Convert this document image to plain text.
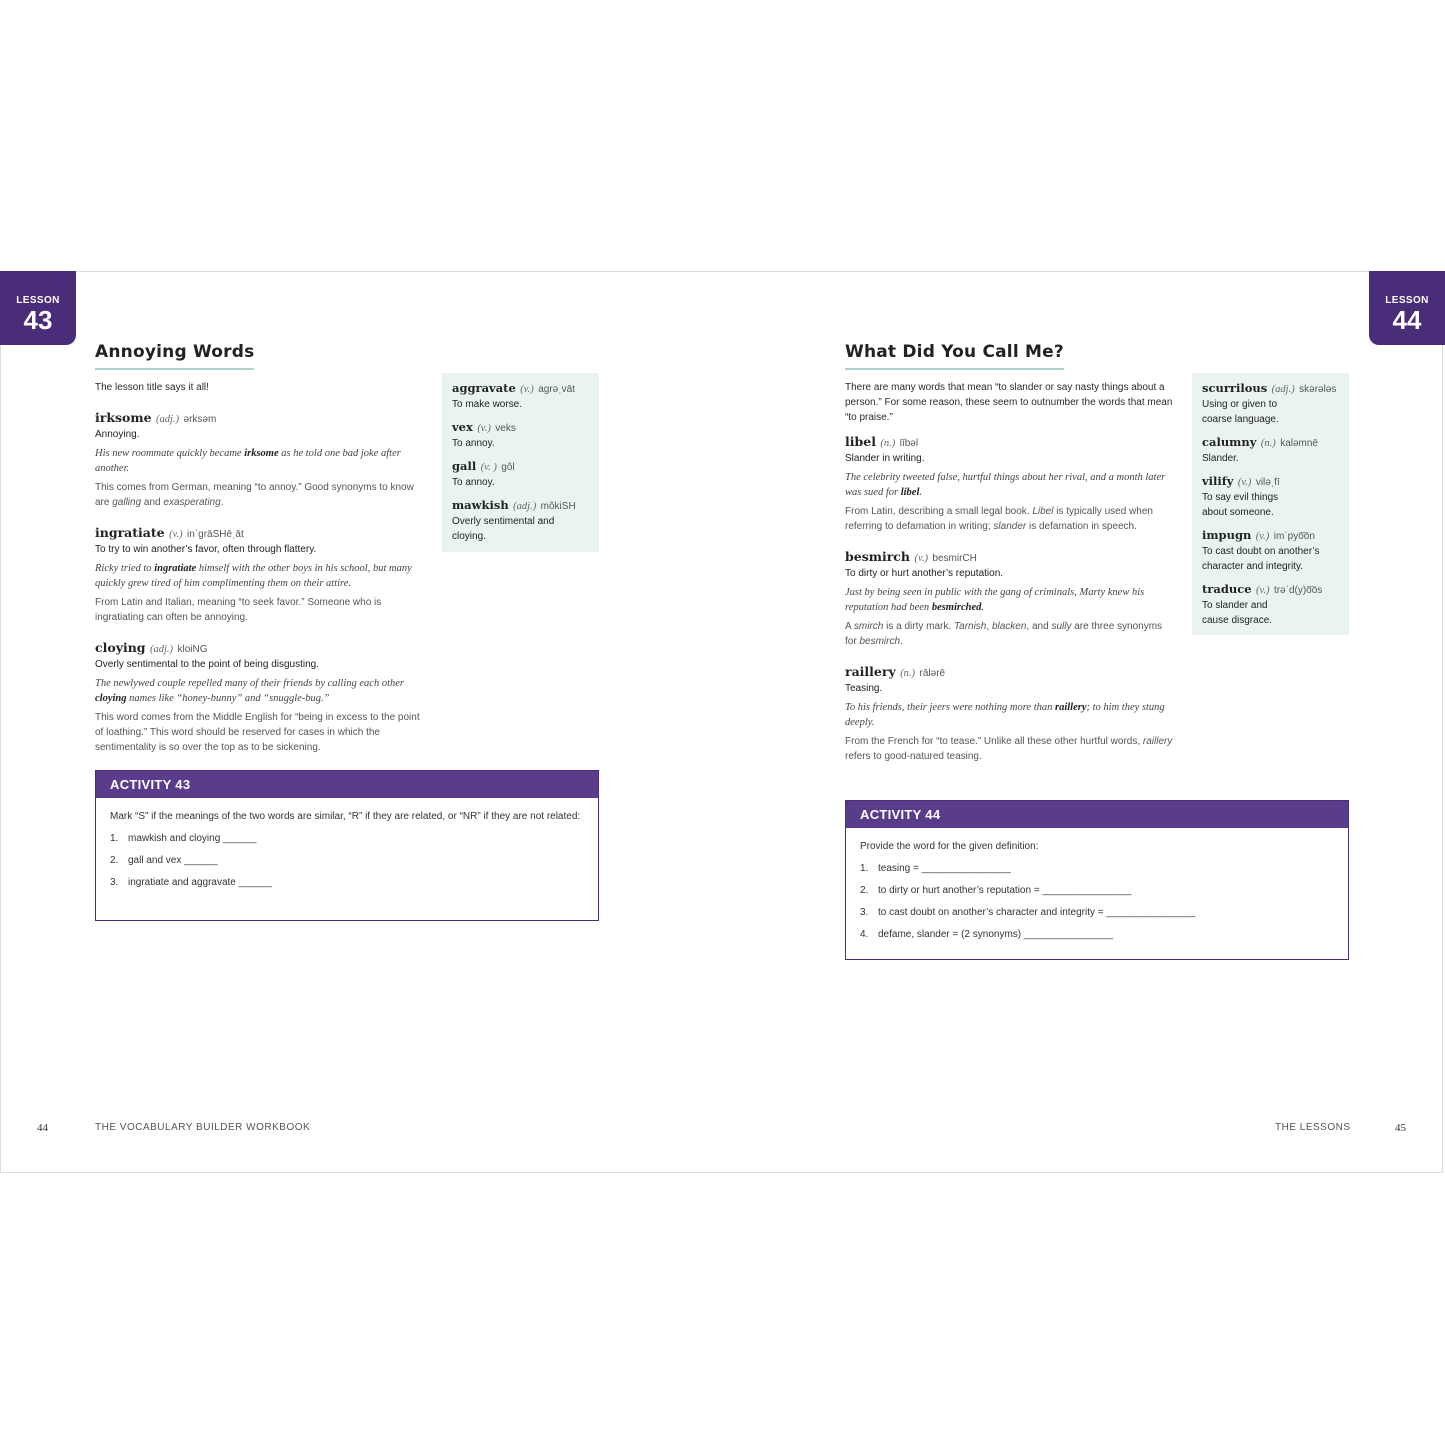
LESSON
43
LESSON
44
Annoying Words

The lesson title says it all!

irksome (adj.) ərksəm
Annoying.
His new roommate quickly became irksome as he told one bad joke after another.
This comes from German, meaning “to annoy.” Good synonyms to know are galling and exasperating.
ingratiate (v.) inˈgrāSHēˌāt
To try to win another’s favor, often through flattery.
Ricky tried to ingratiate himself with the other boys in his school, but many quickly grew tired of him complimenting them on their attire.
From Latin and Italian, meaning “to seek favor.” Someone who is ingratiating can often be annoying.
cloying (adj.) kloiNG
Overly sentimental to the point of being disgusting.
The newlywed couple repelled many of their friends by calling each other cloying names like “honey-bunny” and “snuggle-bug.”
This word comes from the Middle English for “being in excess to the point of loathing.” This word should be reserved for cases in which the sentimentality is so over the top as to be sickening.
aggravate (v.) agrəˌvāt
To make worse.
vex (v.) veks
To annoy.
gall (v. ) gôl
To annoy.
mawkish (adj.) môkiSH
Overly sentimental and cloying.
ACTIVITY 43

Mark “S” if the meanings of the two words are similar, “R” if they are related, or “NR” if they are not related:

1. mawkish and cloying ______
2. gall and vex ______
3. ingratiate and aggravate ______
What Did You Call Me?

There are many words that mean “to slander or say nasty things about a person.” For some reason, these seem to outnumber the words that mean “to praise.”

libel (n.) lībəl
Slander in writing.
The celebrity tweeted false, hurtful things about her rival, and a month later was sued for libel.
From Latin, describing a small legal book. Libel is typically used when referring to defamation in writing; slander is defamation in speech.
besmirch (v.) besmirCH
To dirty or hurt another’s reputation.
Just by being seen in public with the gang of criminals, Marty knew his reputation had been besmirched.
A smirch is a dirty mark. Tarnish, blacken, and sully are three synonyms for besmirch.
raillery (n.) rālərē
Teasing.
To his friends, their jeers were nothing more than raillery; to him they stung deeply.
From the French for “to tease.” Unlike all these other hurtful words, raillery refers to good-natured teasing.
scurrilous (adj.) skərələs
Using or given to coarse language.
calumny (n.) kaləmnē
Slander.
vilify (v.) viləˌfī
To say evil things about someone.
impugn (v.) imˈpyo͞on
To cast doubt on another’s character and integrity.
traduce (v.) trəˈd(y)o͞os
To slander and cause disgrace.
ACTIVITY 44

Provide the word for the given definition:

1. teasing = ________________
2. to dirty or hurt another’s reputation = ________________
3. to cast doubt on another’s character and integrity = ________________
4. defame, slander = (2 synonyms) ________________
44	THE VOCABULARY BUILDER WORKBOOK	THE LESSONS	45
